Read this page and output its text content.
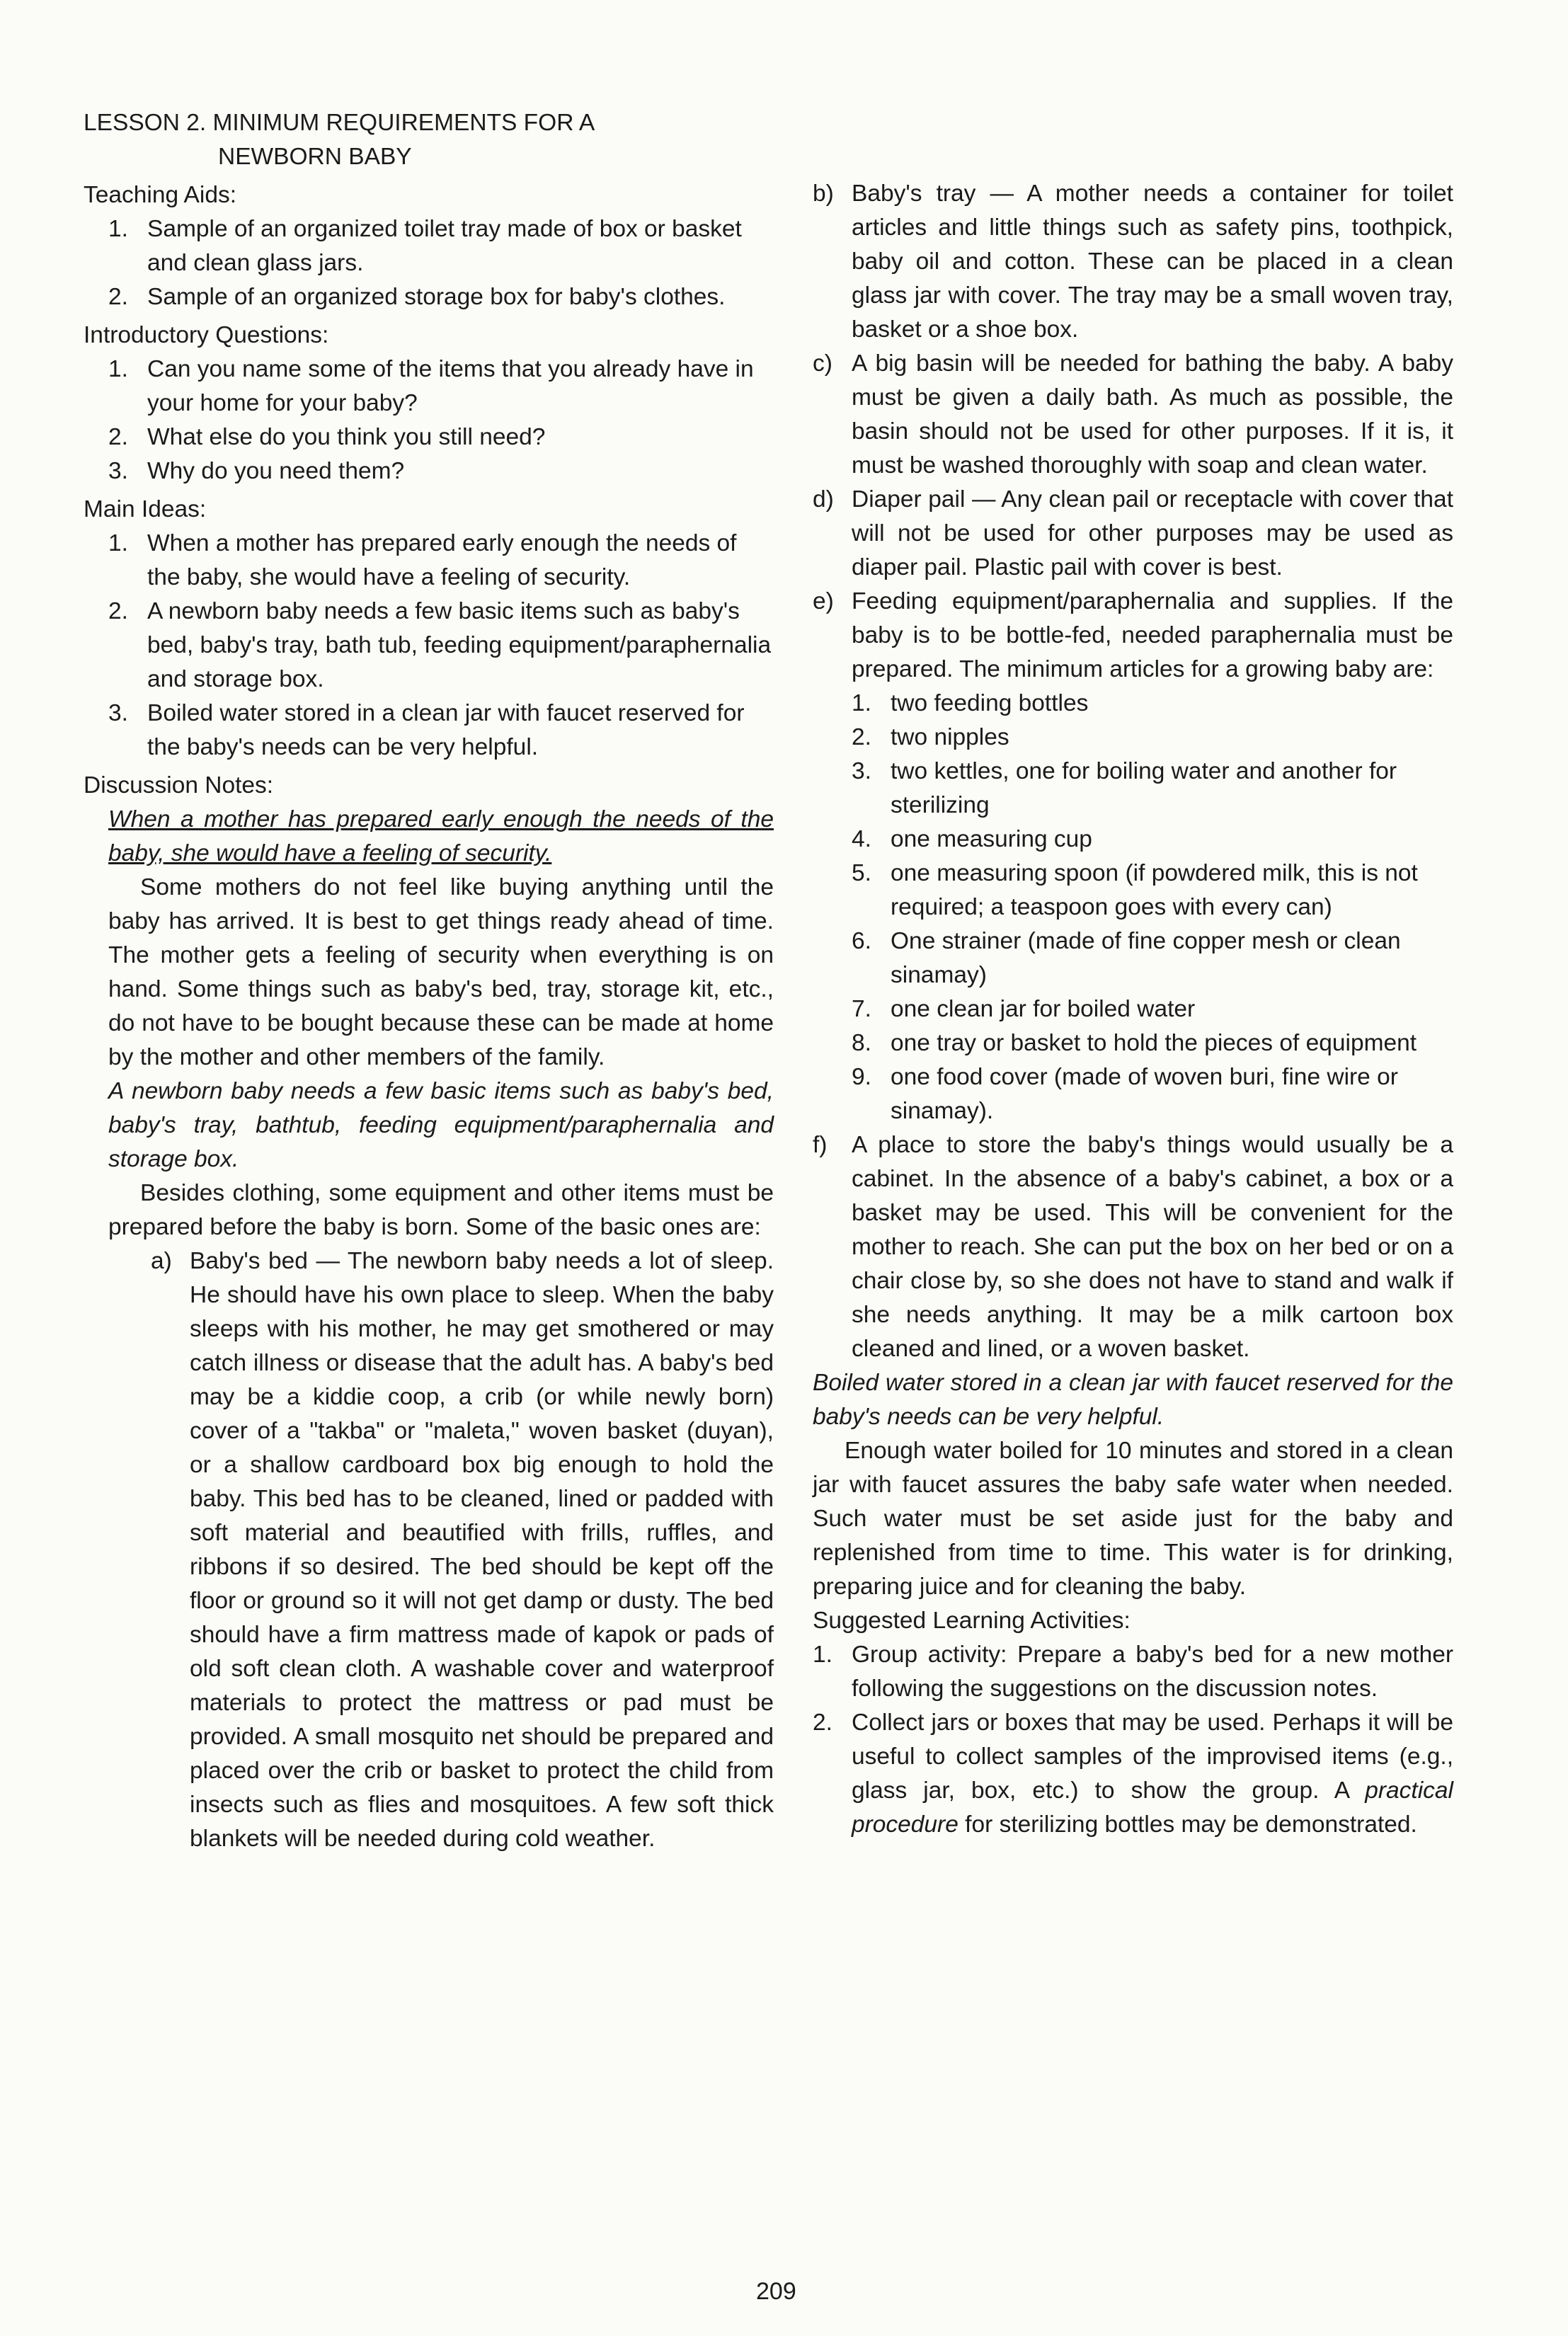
LESSON 2. MINIMUM REQUIREMENTS FOR A

NEWBORN BABY

Teaching Aids:

1. Sample of an organized toilet tray made of box or basket and clean glass jars.
2. Sample of an organized storage box for baby's clothes.

Introductory Questions:

1. Can you name some of the items that you already have in your home for your baby?
2. What else do you think you still need?
3. Why do you need them?

Main Ideas:

1. When a mother has prepared early enough the needs of the baby, she would have a feeling of security.
2. A newborn baby needs a few basic items such as baby's bed, baby's tray, bath tub, feeding equipment/paraphernalia and storage box.
3. Boiled water stored in a clean jar with faucet reserved for the baby's needs can be very helpful.

Discussion Notes:

When a mother has prepared early enough the needs of the baby, she would have a feeling of security.

Some mothers do not feel like buying anything until the baby has arrived. It is best to get things ready ahead of time. The mother gets a feeling of security when everything is on hand. Some things such as baby's bed, tray, storage kit, etc., do not have to be bought because these can be made at home by the mother and other members of the family.

A newborn baby needs a few basic items such as baby's bed, baby's tray, bathtub, feeding equipment/paraphernalia and storage box.

Besides clothing, some equipment and other items must be prepared before the baby is born. Some of the basic ones are:

a) Baby's bed — The newborn baby needs a lot of sleep. He should have his own place to sleep. When the baby sleeps with his mother, he may get smothered or may catch illness or disease that the adult has. A baby's bed may be a kiddie coop, a crib (or while newly born) cover of a "takba" or "maleta," woven basket (duyan), or a shallow cardboard box big enough to hold the baby. This bed has to be cleaned, lined or padded with soft material and beautified with frills, ruffles, and ribbons if so desired. The bed should be kept off the floor or ground so it will not get damp or dusty. The bed should have a firm mattress made of kapok or pads of old soft clean cloth. A washable cover and waterproof materials to protect the mattress or pad must be provided. A small mosquito net should be prepared and placed over the crib or basket to protect the child from insects such as flies and mosquitoes. A few soft thick blankets will be needed during cold weather.
b) Baby's tray — A mother needs a container for toilet articles and little things such as safety pins, toothpick, baby oil and cotton. These can be placed in a clean glass jar with cover. The tray may be a small woven tray, basket or a shoe box.
c) A big basin will be needed for bathing the baby. A baby must be given a daily bath. As much as possible, the basin should not be used for other purposes. If it is, it must be washed thoroughly with soap and clean water.
d) Diaper pail — Any clean pail or receptacle with cover that will not be used for other purposes may be used as diaper pail. Plastic pail with cover is best.
e) Feeding equipment/paraphernalia and supplies. If the baby is to be bottle-fed, needed paraphernalia must be prepared. The minimum articles for a growing baby are:
1. two feeding bottles
2. two nipples
3. two kettles, one for boiling water and another for sterilizing
4. one measuring cup
5. one measuring spoon (if powdered milk, this is not required; a teaspoon goes with every can)
6. One strainer (made of fine copper mesh or clean sinamay)
7. one clean jar for boiled water
8. one tray or basket to hold the pieces of equipment
9. one food cover (made of woven buri, fine wire or sinamay).
f) A place to store the baby's things would usually be a cabinet. In the absence of a baby's cabinet, a box or a basket may be used. This will be convenient for the mother to reach. She can put the box on her bed or on a chair close by, so she does not have to stand and walk if she needs anything. It may be a milk cartoon box cleaned and lined, or a woven basket.

Boiled water stored in a clean jar with faucet reserved for the baby's needs can be very helpful.

Enough water boiled for 10 minutes and stored in a clean jar with faucet assures the baby safe water when needed. Such water must be set aside just for the baby and replenished from time to time. This water is for drinking, preparing juice and for cleaning the baby.

Suggested Learning Activities:

1. Group activity: Prepare a baby's bed for a new mother following the suggestions on the discussion notes.
2. Collect jars or boxes that may be used. Perhaps it will be useful to collect samples of the improvised items (e.g., glass jar, box, etc.) to show the group. A practical procedure for sterilizing bottles may be demonstrated.
209
